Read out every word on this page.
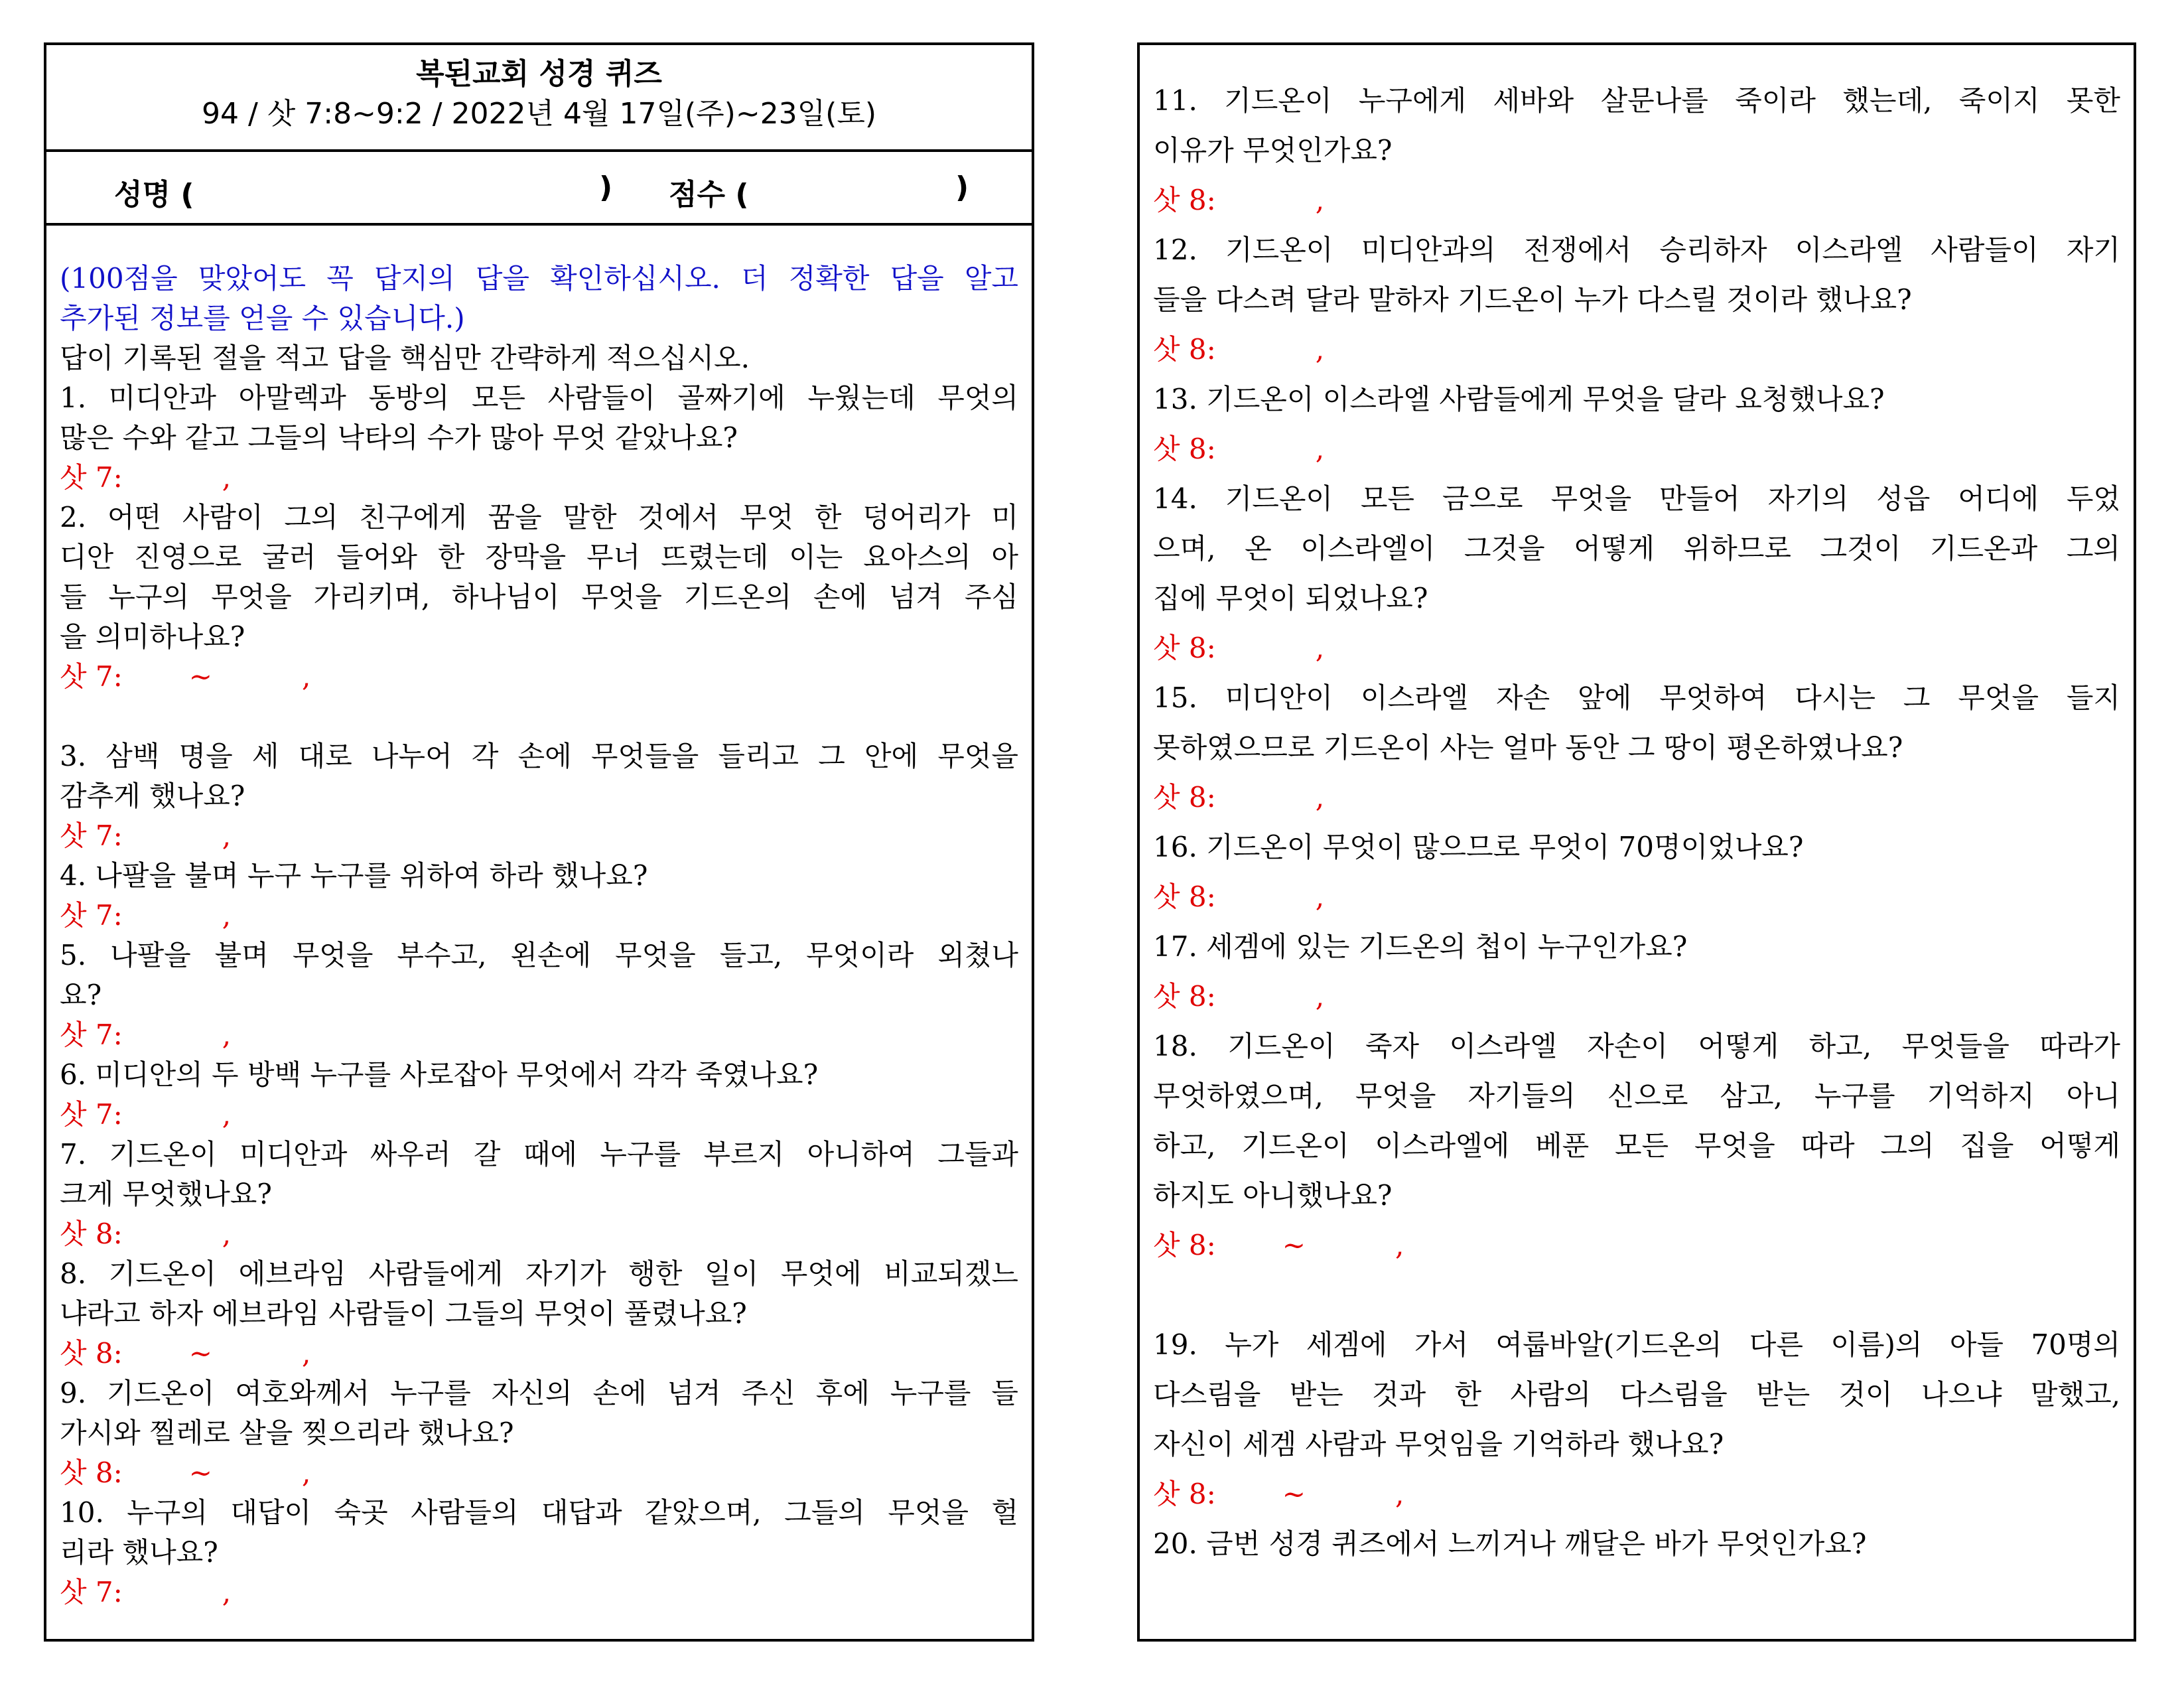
복된교회 성경 퀴즈
94 / 삿 7:8~9:2 / 2022년 4월 17일(주)~23일(토)
성명 (	) 점수 (	)
(100점을 맞았어도 꼭 답지의 답을 확인하십시오. 더 정확한 답을 알고
추가된 정보를 얻을 수 있습니다.)
답이 기록된 절을 적고 답을 핵심만 간략하게 적으십시오.
1. 미디안과 아말렉과 동방의 모든 사람들이 골짜기에 누웠는데 무엇의
많은 수와 같고 그들의 낙타의 수가 많아 무엇 같았나요?
삿 7:	,
2. 어떤 사람이 그의 친구에게 꿈을 말한 것에서 무엇 한 덩어리가 미
디안 진영으로 굴러 들어와 한 장막을 무너 뜨렸는데 이는 요아스의 아
들 누구의 무엇을 가리키며, 하나님이 무엇을 기드온의 손에 넘겨 주심
을 의미하나요?
삿 7: ~	,
3. 삼백 명을 세 대로 나누어 각 손에 무엇들을 들리고 그 안에 무엇을
감추게 했나요?
삿 7:	,
4. 나팔을 불며 누구 누구를 위하여 하라 했나요?
삿 7:	,
5. 나팔을 불며 무엇을 부수고, 왼손에 무엇을 들고, 무엇이라 외쳤나
요?
삿 7:	,
6. 미디안의 두 방백 누구를 사로잡아 무엇에서 각각 죽였나요?
삿 7:	,
7. 기드온이 미디안과 싸우러 갈 때에 누구를 부르지 아니하여 그들과
크게 무엇했나요?
삿 8:	,
8. 기드온이 에브라임 사람들에게 자기가 행한 일이 무엇에 비교되겠느
냐라고 하자 에브라임 사람들이 그들의 무엇이 풀렸나요?
삿 8: ~	,
9. 기드온이 여호와께서 누구를 자신의 손에 넘겨 주신 후에 누구를 들
가시와 찔레로 살을 찢으리라 했나요?
삿 8: ~	,
10. 누구의 대답이 숙곳 사람들의 대답과 같았으며, 그들의 무엇을 헐
리라 했나요?
삿 7:	,
11. 기드온이 누구에게 세바와 살문나를 죽이라 했는데, 죽이지 못한
이유가 무엇인가요?
삿 8:	,
12. 기드온이 미디안과의 전쟁에서 승리하자 이스라엘 사람들이 자기
들을 다스려 달라 말하자 기드온이 누가 다스릴 것이라 했나요?
삿 8:	,
13. 기드온이 이스라엘 사람들에게 무엇을 달라 요청했나요?
삿 8:	,
14. 기드온이 모든 금으로 무엇을 만들어 자기의 성읍 어디에 두었
으며, 온 이스라엘이 그것을 어떻게 위하므로 그것이 기드온과 그의
집에 무엇이 되었나요?
삿 8:	,
15. 미디안이 이스라엘 자손 앞에 무엇하여 다시는 그 무엇을 들지
못하였으므로 기드온이 사는 얼마 동안 그 땅이 평온하였나요?
삿 8:	,
16. 기드온이 무엇이 많으므로 무엇이 70명이었나요?
삿 8:	,
17. 세겜에 있는 기드온의 첩이 누구인가요?
삿 8:	,
18. 기드온이 죽자 이스라엘 자손이 어떻게 하고, 무엇들을 따라가
무엇하였으며, 무엇을 자기들의 신으로 삼고, 누구를 기억하지 아니
하고, 기드온이 이스라엘에 베푼 모든 무엇을 따라 그의 집을 어떻게
하지도 아니했나요?
삿 8: ~	,
19. 누가 세겜에 가서 여룹바알(기드온의 다른 이름)의 아들 70명의
다스림을 받는 것과 한 사람의 다스림을 받는 것이 나으냐 말했고,
자신이 세겜 사람과 무엇임을 기억하라 했나요?
삿 8: ~	,
20. 금번 성경 퀴즈에서 느끼거나 깨달은 바가 무엇인가요?
